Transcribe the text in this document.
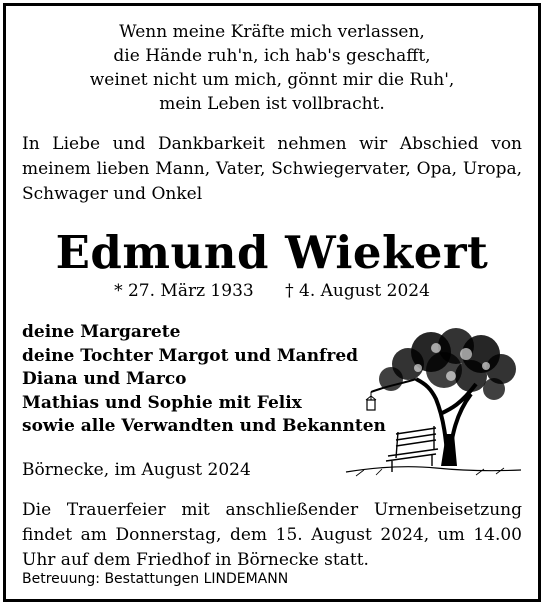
Wenn meine Kräfte mich verlassen,
die Hände ruh'n, ich hab's geschafft,
weinet nicht um mich, gönnt mir die Ruh',
mein Leben ist vollbracht.
In Liebe und Dankbarkeit nehmen wir Abschied von meinem lieben Mann, Vater, Schwiegervater, Opa, Uropa, Schwager und Onkel
Edmund Wiekert
* 27. März 1933 † 4. August 2024
deine Margarete
deine Tochter Margot und Manfred
Diana und Marco
Mathias und Sophie mit Felix
sowie alle Verwandten und Bekannten
Börnecke, im August 2024
Die Trauerfeier mit anschließender Urnenbeisetzung findet am Donnerstag, dem 15. August 2024, um 14.00 Uhr auf dem Friedhof in Börnecke statt.
Betreuung: Bestattungen LINDEMANN
